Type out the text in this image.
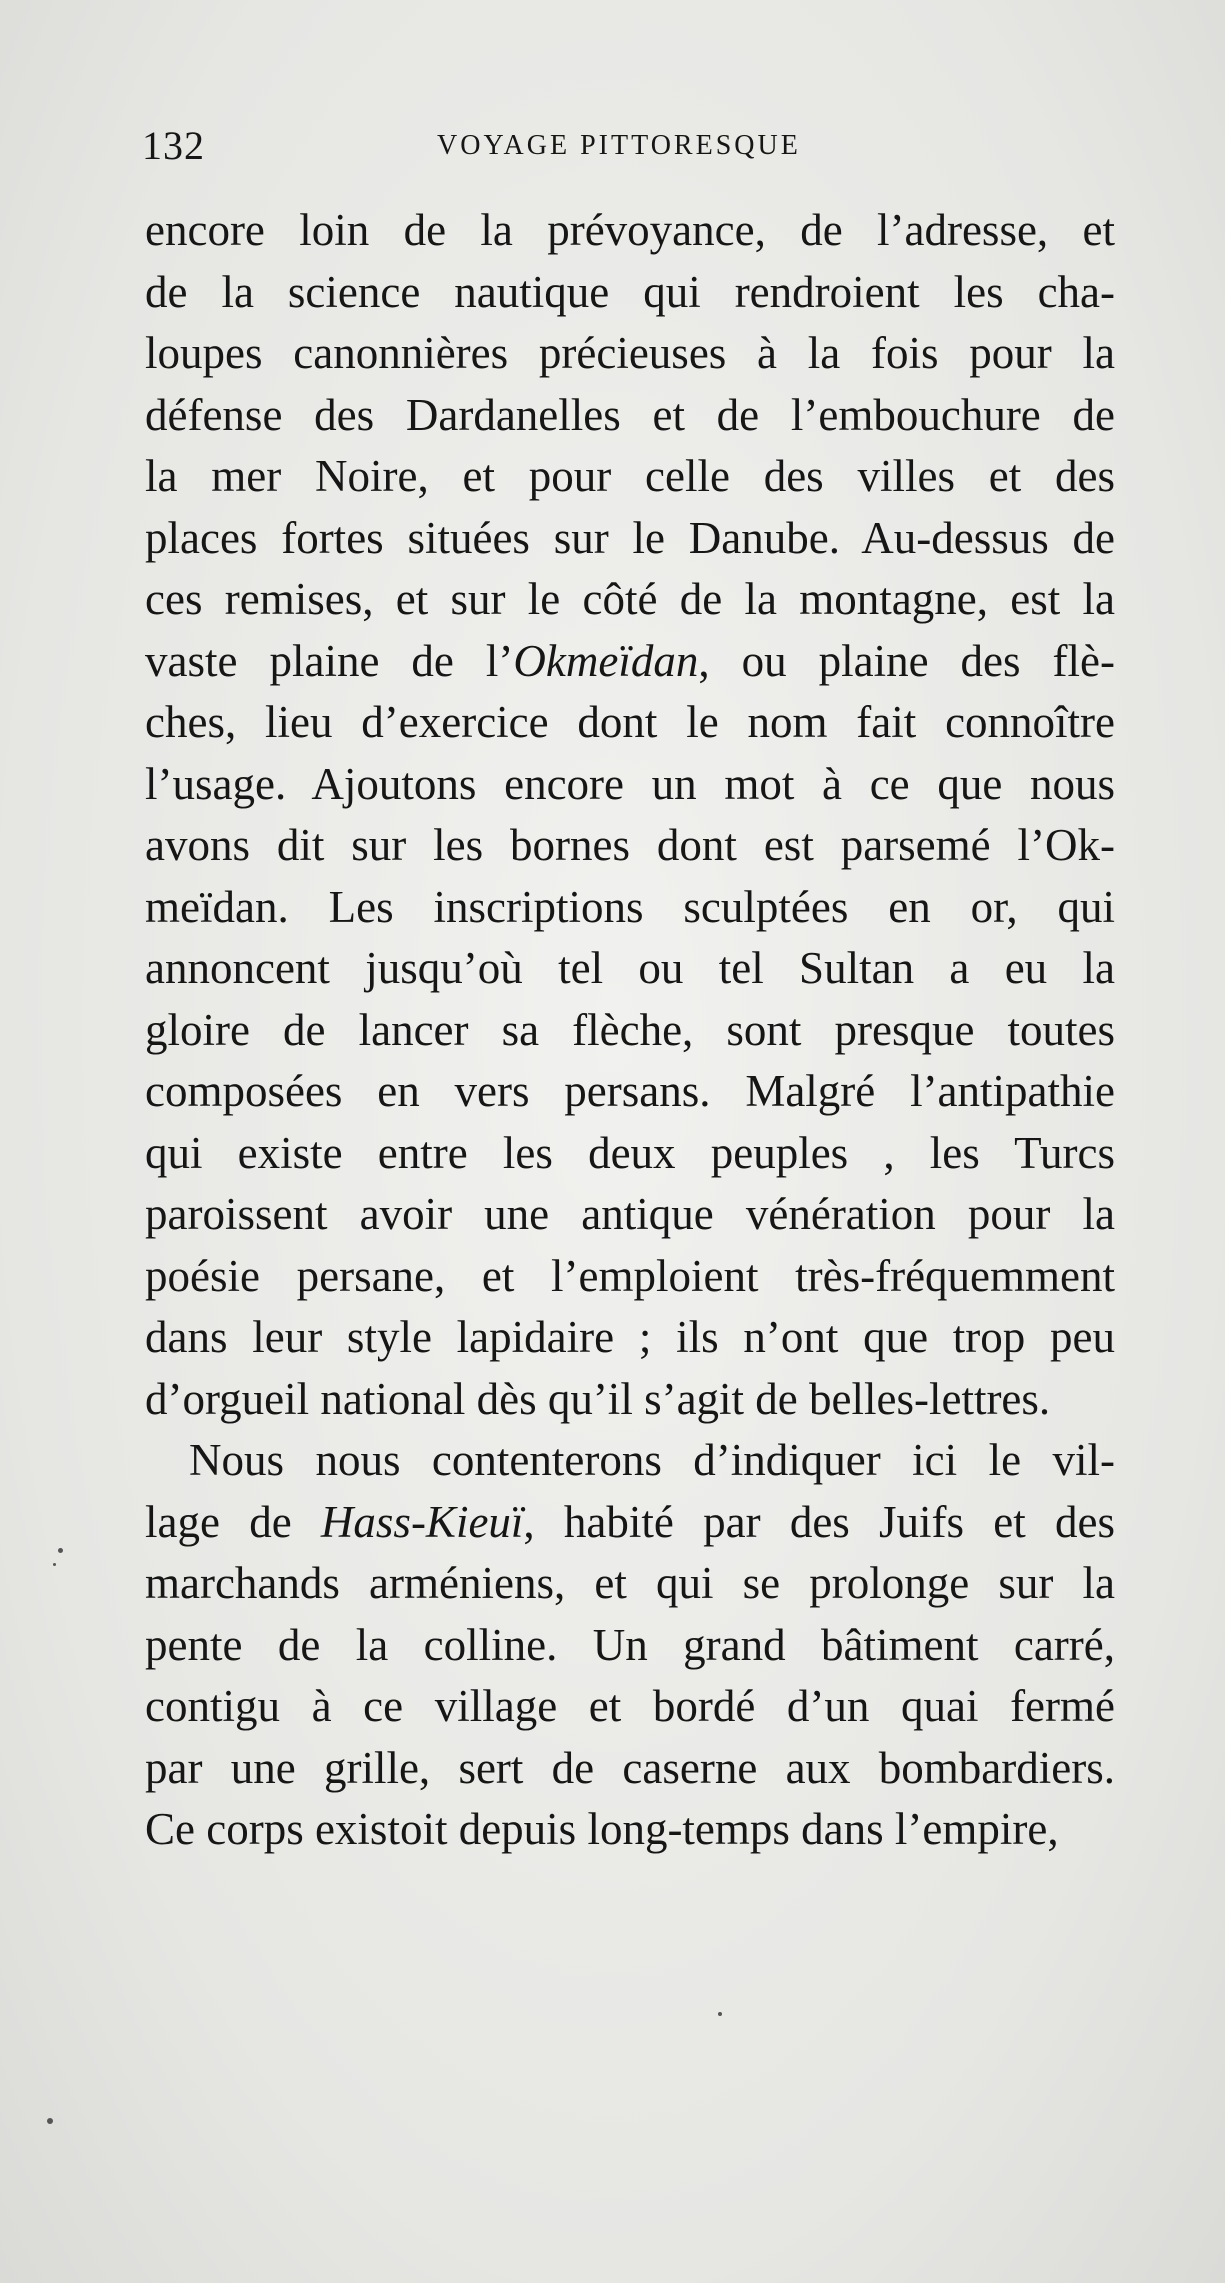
132	VOYAGE PITTORESQUE
encore loin de la prévoyance, de l’adresse, et
de la science nautique qui rendroient les cha-
loupes canonnières précieuses à la fois pour la
défense des Dardanelles et de l’embouchure de
la mer Noire, et pour celle des villes et des
places fortes situées sur le Danube. Au-dessus de
ces remises, et sur le côté de la montagne, est la
vaste plaine de l’Okmeïdan, ou plaine des flè-
ches, lieu d’exercice dont le nom fait connoître
l’usage. Ajoutons encore un mot à ce que nous
avons dit sur les bornes dont est parsemé l’Ok-
meïdan. Les inscriptions sculptées en or, qui
annoncent jusqu’où tel ou tel Sultan a eu la
gloire de lancer sa flèche, sont presque toutes
composées en vers persans. Malgré l’antipathie
qui existe entre les deux peuples , les Turcs
paroissent avoir une antique vénération pour la
poésie persane, et l’emploient très-fréquemment
dans leur style lapidaire ; ils n’ont que trop peu
d’orgueil national dès qu’il s’agit de belles-lettres.
Nous nous contenterons d’indiquer ici le vil-
lage de Hass-Kieuï, habité par des Juifs et des
marchands arméniens, et qui se prolonge sur la
pente de la colline. Un grand bâtiment carré,
contigu à ce village et bordé d’un quai fermé
par une grille, sert de caserne aux bombardiers.
Ce corps existoit depuis long-temps dans l’empire,
